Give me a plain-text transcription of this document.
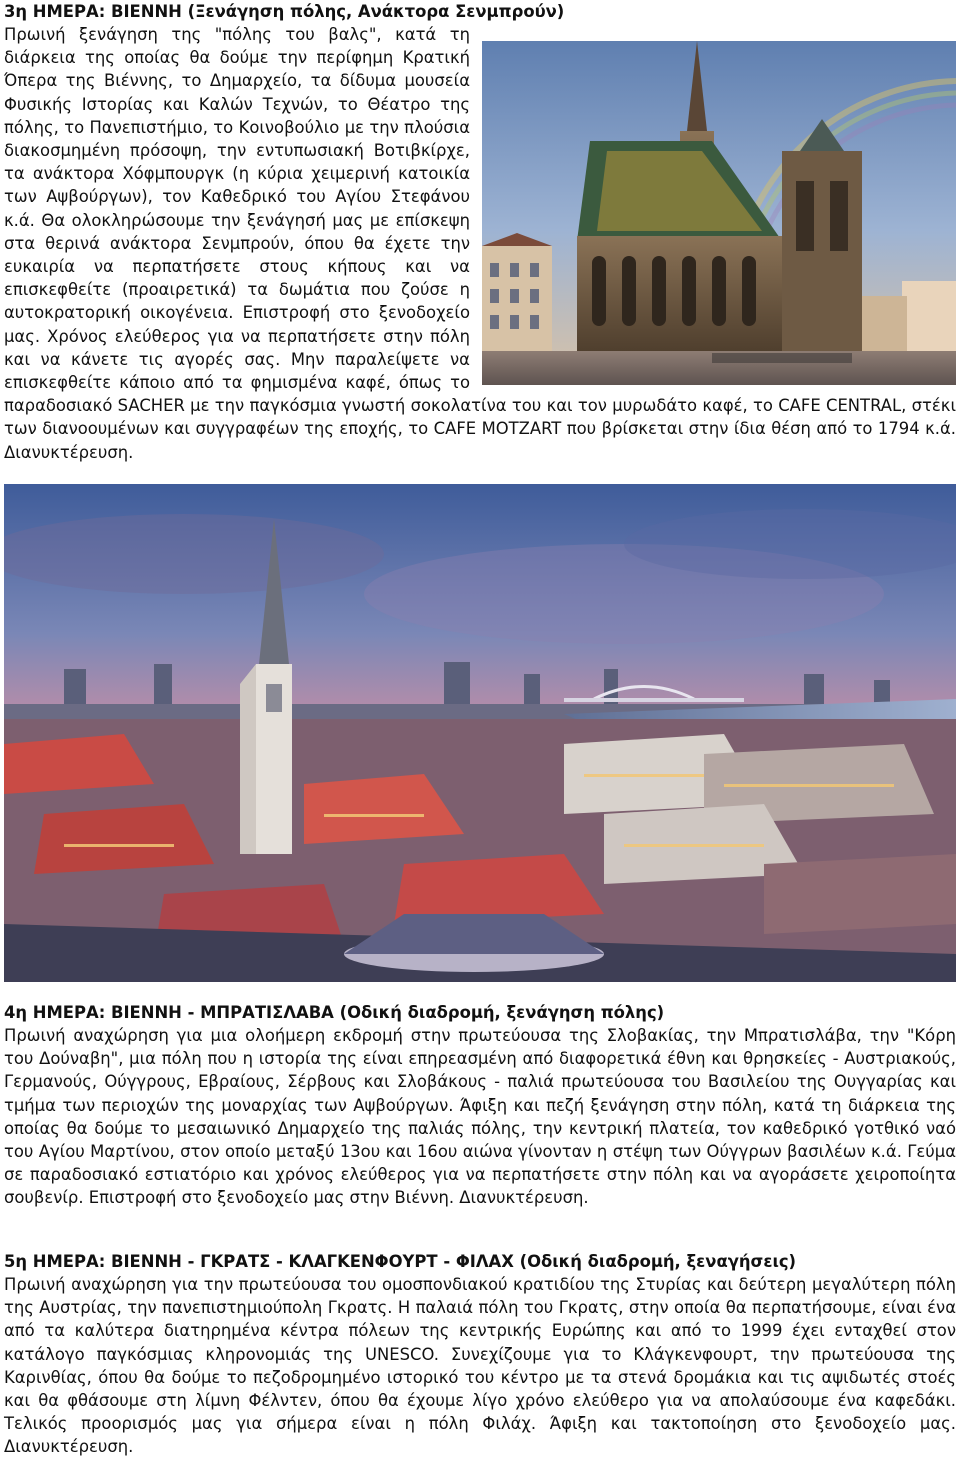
3η ΗΜΕΡΑ: ΒΙΕΝΝΗ (Ξενάγηση πόλης, Ανάκτορα Σενμπρούν)

Πρωινή ξενάγηση της "πόλης του βαλς", κατά τη διάρκεια της οποίας θα δούμε την περίφημη Κρατική Όπερα της Βιέννης, το Δημαρχείο, τα δίδυμα μουσεία Φυσικής Ιστορίας και Καλών Τεχνών, το Θέατρο της πόλης, το Πανεπιστήμιο, το Κοινοβούλιο με την πλούσια διακοσμημένη πρόσοψη, την εντυπωσιακή Βοτιβκίρχε, τα ανάκτορα Χόφμπουργκ (η κύρια χειμερινή κατοικία των Αψβούργων), τον Καθεδρικό του Αγίου Στεφάνου κ.ά. Θα ολοκληρώσουμε την ξενάγησή μας με επίσκεψη στα θερινά ανάκτορα Σενμπρούν, όπου θα έχετε την ευκαιρία να περπατήσετε στους κήπους και να επισκεφθείτε (προαιρετικά) τα δωμάτια που ζούσε η αυτοκρατορική οικογένεια. Επιστροφή στο ξενοδοχείο μας. Χρόνος ελεύθερος για να περπατήσετε στην πόλη και να κάνετε τις αγορές σας. Μην παραλείψετε να επισκεφθείτε κάποιο από τα φημισμένα καφέ, όπως το παραδοσιακό SACHER με την παγκόσμια γνωστή σοκολατίνα του και τον μυρωδάτο καφέ, το CAFE CENTRAL, στέκι των διανοουμένων και συγγραφέων της εποχής, το CAFE MOTZART που βρίσκεται στην ίδια θέση από το 1794 κ.ά. Διανυκτέρευση.

4η ΗΜΕΡΑ: ΒΙΕΝΝΗ - ΜΠΡΑΤΙΣΛΑΒΑ (Οδική διαδρομή, ξενάγηση πόλης)

Πρωινή αναχώρηση για μια ολοήμερη εκδρομή στην πρωτεύουσα της Σλοβακίας, την Μπρατισλάβα, την "Κόρη του Δούναβη", μια πόλη που η ιστορία της είναι επηρεασμένη από διαφορετικά έθνη και θρησκείες - Αυστριακούς, Γερμανούς, Ούγγρους, Εβραίους, Σέρβους και Σλοβάκους - παλιά πρωτεύουσα του Βασιλείου της Ουγγαρίας και τμήμα των περιοχών της μοναρχίας των Αψβούργων. Άφιξη και πεζή ξενάγηση στην πόλη, κατά τη διάρκεια της οποίας θα δούμε το μεσαιωνικό Δημαρχείο της παλιάς πόλης, την κεντρική πλατεία, τον καθεδρικό γοτθικό ναό του Αγίου Μαρτίνου, στον οποίο μεταξύ 13ου και 16ου αιώνα γίνονταν η στέψη των Ούγγρων βασιλέων κ.ά. Γεύμα σε παραδοσιακό εστιατόριο και χρόνος ελεύθερος για να περπατήσετε στην πόλη και να αγοράσετε χειροποίητα σουβενίρ. Επιστροφή στο ξενοδοχείο μας στην Βιέννη. Διανυκτέρευση.

5η ΗΜΕΡΑ: ΒΙΕΝΝΗ - ΓΚΡΑΤΣ - ΚΛΑΓΚΕΝΦΟΥΡΤ - ΦΙΛΑΧ (Οδική διαδρομή, ξεναγήσεις)

Πρωινή αναχώρηση για την πρωτεύουσα του ομοσπονδιακού κρατιδίου της Στυρίας και δεύτερη μεγαλύτερη πόλη της Αυστρίας, την πανεπιστημιούπολη Γκρατς. Η παλαιά πόλη του Γκρατς, στην οποία θα περπατήσουμε, είναι ένα από τα καλύτερα διατηρημένα κέντρα πόλεων της κεντρικής Ευρώπης και από το 1999 έχει ενταχθεί στον κατάλογο παγκόσμιας κληρονομιάς της UNESCO. Συνεχίζουμε για το Κλάγκενφουρτ, την πρωτεύουσα της Καρινθίας, όπου θα δούμε το πεζοδρομημένο ιστορικό του κέντρο με τα στενά δρομάκια και τις αψιδωτές στοές και θα φθάσουμε στη λίμνη Φέλντεν, όπου θα έχουμε λίγο χρόνο ελεύθερο για να απολαύσουμε ένα καφεδάκι. Τελικός προορισμός μας για σήμερα είναι η πόλη Φιλάχ. Άφιξη και τακτοποίηση στο ξενοδοχείο μας. Διανυκτέρευση.
